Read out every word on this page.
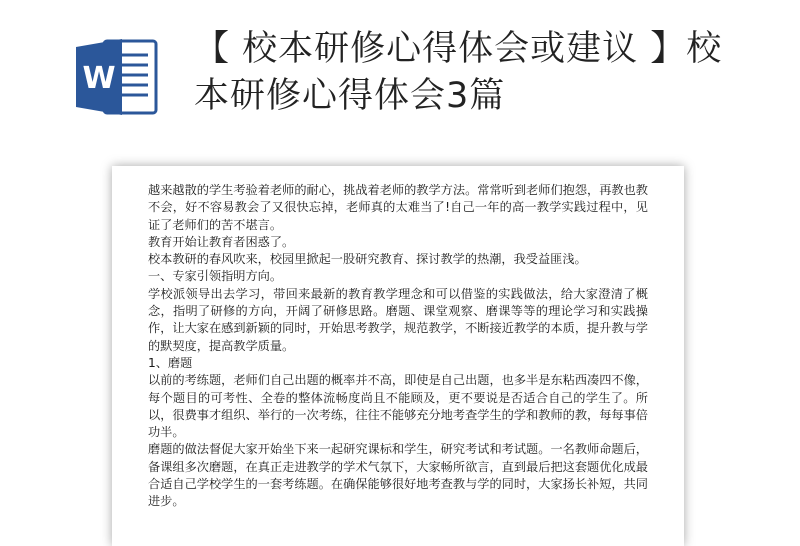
W
【 校本研修心得体会或建议 】校
本研修心得体会3篇

越来越散的学生考验着老师的耐心，挑战着老师的教学方法。常常听到老师们抱怨，再教也教不会，好不容易教会了又很快忘掉，老师真的太难当了!自己一年的高一教学实践过程中，见证了老师们的苦不堪言。

教育开始让教育者困惑了。

校本教研的春风吹来，校园里掀起一股研究教育、探讨教学的热潮，我受益匪浅。

一、专家引领指明方向。

学校派领导出去学习，带回来最新的教育教学理念和可以借鉴的实践做法，给大家澄清了概念，指明了研修的方向，开阔了研修思路。磨题、课堂观察、磨课等等的理论学习和实践操作，让大家在感到新颖的同时，开始思考教学，规范教学，不断接近教学的本质，提升教与学的默契度，提高教学质量。

1、磨题

以前的考练题，老师们自己出题的概率并不高，即使是自己出题，也多半是东粘西凑四不像，每个题目的可考性、全卷的整体流畅度尚且不能顾及，更不要说是否适合自己的学生了。所以，很费事才组织、举行的一次考练，往往不能够充分地考查学生的学和教师的教，每每事倍功半。

磨题的做法督促大家开始坐下来一起研究课标和学生，研究考试和考试题。一名教师命题后，备课组多次磨题，在真正走进教学的学术气氛下，大家畅所欲言，直到最后把这套题优化成最合适自己学校学生的一套考练题。在确保能够很好地考查教与学的同时，大家扬长补短，共同进步。
